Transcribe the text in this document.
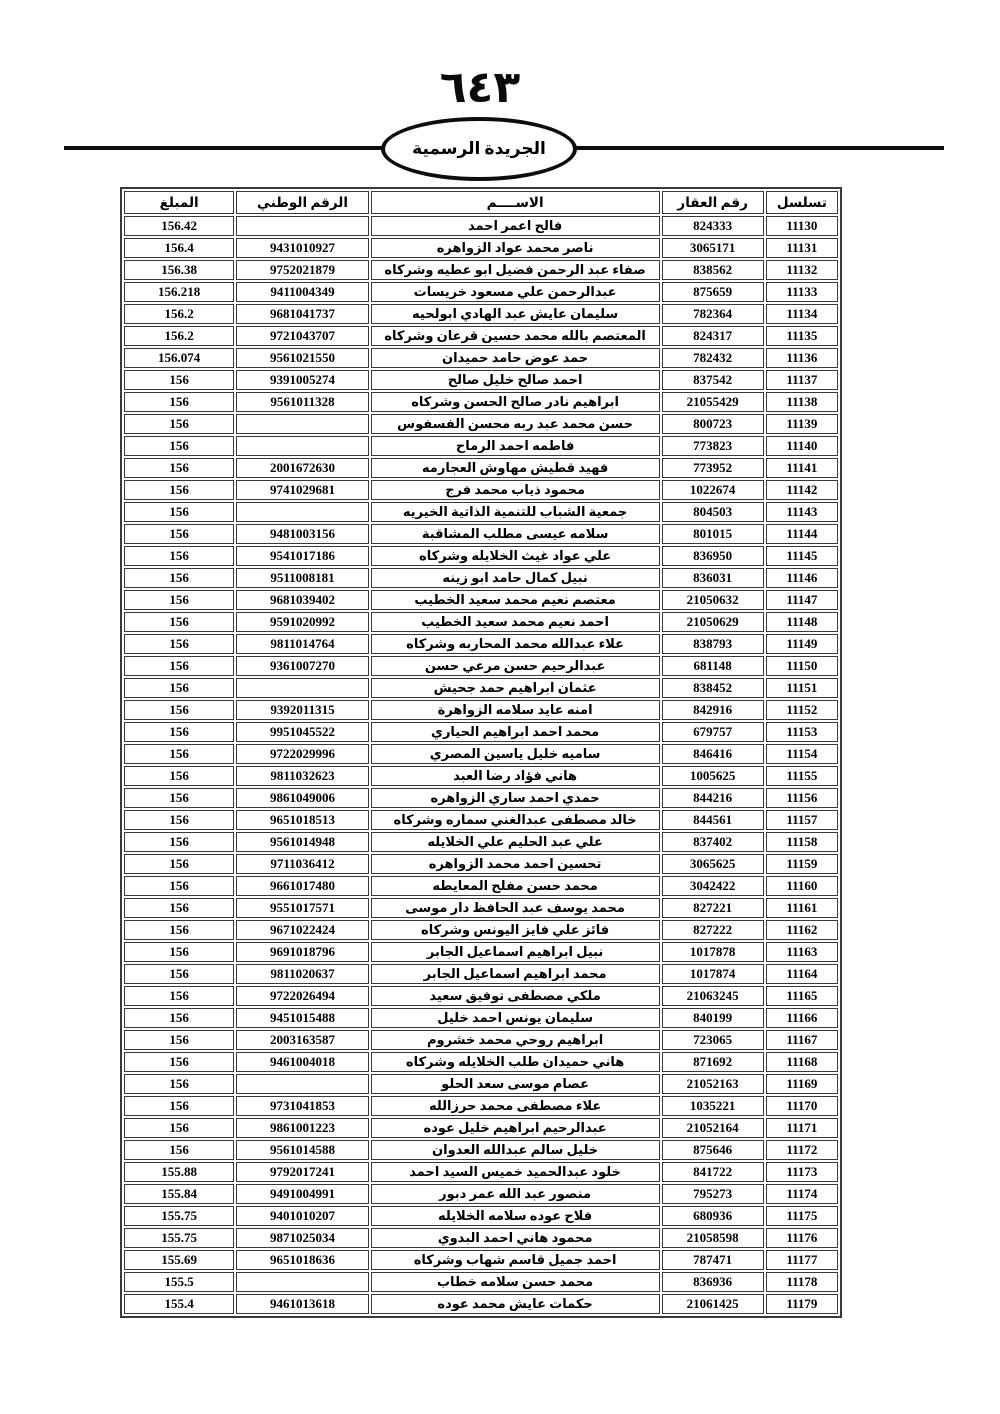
٦٤٣
الجريدة الرسمية
تسلسل	رقم العقار	الاســــم	الرقم الوطني	المبلغ
11130	824333	فالح اعمر احمد		156.42
11131	3065171	ناصر محمد عواد الزواهره	9431010927	156.4
11132	838562	صفاء عبد الرحمن فضيل ابو عطيه وشركاه	9752021879	156.38
11133	875659	عبدالرحمن علي مسعود خريسات	9411004349	156.218
11134	782364	سليمان عايش عبد الهادي ابولحيه	9681041737	156.2
11135	824317	المعتصم بالله محمد حسين قرعان وشركاه	9721043707	156.2
11136	782432	حمد عوض حامد حميدان	9561021550	156.074
11137	837542	احمد صالح خليل صالح	9391005274	156
11138	21055429	ابراهيم نادر صالح الحسن وشركاه	9561011328	156
11139	800723	حسن محمد عبد ربه محسن الفسفوس		156
11140	773823	فاطمه احمد الرماح		156
11141	773952	فهيد قطيش مهاوش العجارمه	2001672630	156
11142	1022674	محمود ذياب محمد فرج	9741029681	156
11143	804503	جمعية الشباب للتنمية الذاتية الخيريه		156
11144	801015	سلامه عيسى مطلب المشاقبة	9481003156	156
11145	836950	علي عواد غيث الخلايله وشركاه	9541017186	156
11146	836031	نبيل كمال حامد ابو زينه	9511008181	156
11147	21050632	معتصم نعيم محمد سعيد الخطيب	9681039402	156
11148	21050629	احمد نعيم محمد سعيد الخطيب	9591020992	156
11149	838793	علاء عبدالله محمد المحاربه وشركاه	9811014764	156
11150	681148	عبدالرحيم حسن مرعي حسن	9361007270	156
11151	838452	عثمان ابراهيم حمد جحيش		156
11152	842916	امنه عايد سلامه الزواهرة	9392011315	156
11153	679757	محمد احمد ابراهيم الحياري	9951045522	156
11154	846416	ساميه خليل ياسين المصري	9722029996	156
11155	1005625	هاني فؤاد رضا العبد	9811032623	156
11156	844216	حمدي احمد ساري الزواهره	9861049006	156
11157	844561	خالد مصطفى عبدالغني سماره وشركاه	9651018513	156
11158	837402	علي عبد الحليم علي الخلايله	9561014948	156
11159	3065625	تحسين احمد محمد الزواهره	9711036412	156
11160	3042422	محمد حسن مفلح المعايطه	9661017480	156
11161	827221	محمد يوسف عبد الحافظ دار موسى	9551017571	156
11162	827222	فائز علي فايز اليونس وشركاه	9671022424	156
11163	1017878	نبيل ابراهيم اسماعيل الجابر	9691018796	156
11164	1017874	محمد ابراهيم اسماعيل الجابر	9811020637	156
11165	21063245	ملكي مصطفى توفيق سعيد	9722026494	156
11166	840199	سليمان يونس احمد خليل	9451015488	156
11167	723065	ابراهيم روحي محمد خشروم	2003163587	156
11168	871692	هاني حميدان طلب الخلايله وشركاه	9461004018	156
11169	21052163	عصام موسى سعد الحلو		156
11170	1035221	علاء مصطفى محمد حرزالله	9731041853	156
11171	21052164	عبدالرحيم ابراهيم خليل عوده	9861001223	156
11172	875646	خليل سالم عبدالله العدوان	9561014588	156
11173	841722	خلود عبدالحميد خميس السيد احمد	9792017241	155.88
11174	795273	منصور عبد الله عمر دبور	9491004991	155.84
11175	680936	فلاح عوده سلامه الخلايله	9401010207	155.75
11176	21058598	محمود هاني احمد البدوي	9871025034	155.75
11177	787471	احمد جميل قاسم شهاب وشركاه	9651018636	155.69
11178	836936	محمد حسن سلامه خطاب		155.5
11179	21061425	حكمات عايش محمد عوده	9461013618	155.4
